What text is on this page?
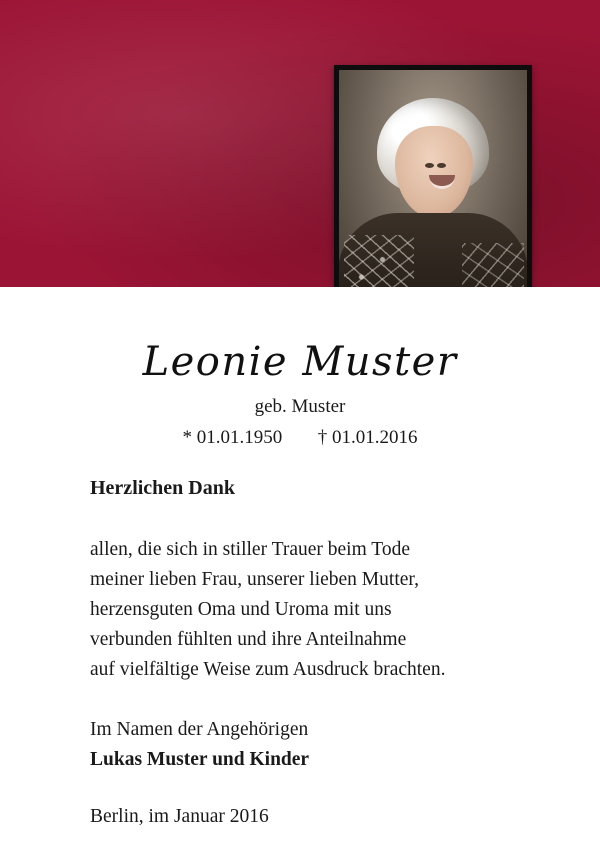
Leonie Muster
geb. Muster
* 01.01.1950 † 01.01.2016

Herzlichen Dank

allen, die sich in stiller Trauer beim Tode
meiner lieben Frau, unserer lieben Mutter,
herzensguten Oma und Uroma mit uns
verbunden fühlten und ihre Anteilnahme
auf vielfältige Weise zum Ausdruck brachten.

Im Namen der Angehörigen

Lukas Muster und Kinder

Berlin, im Januar 2016
